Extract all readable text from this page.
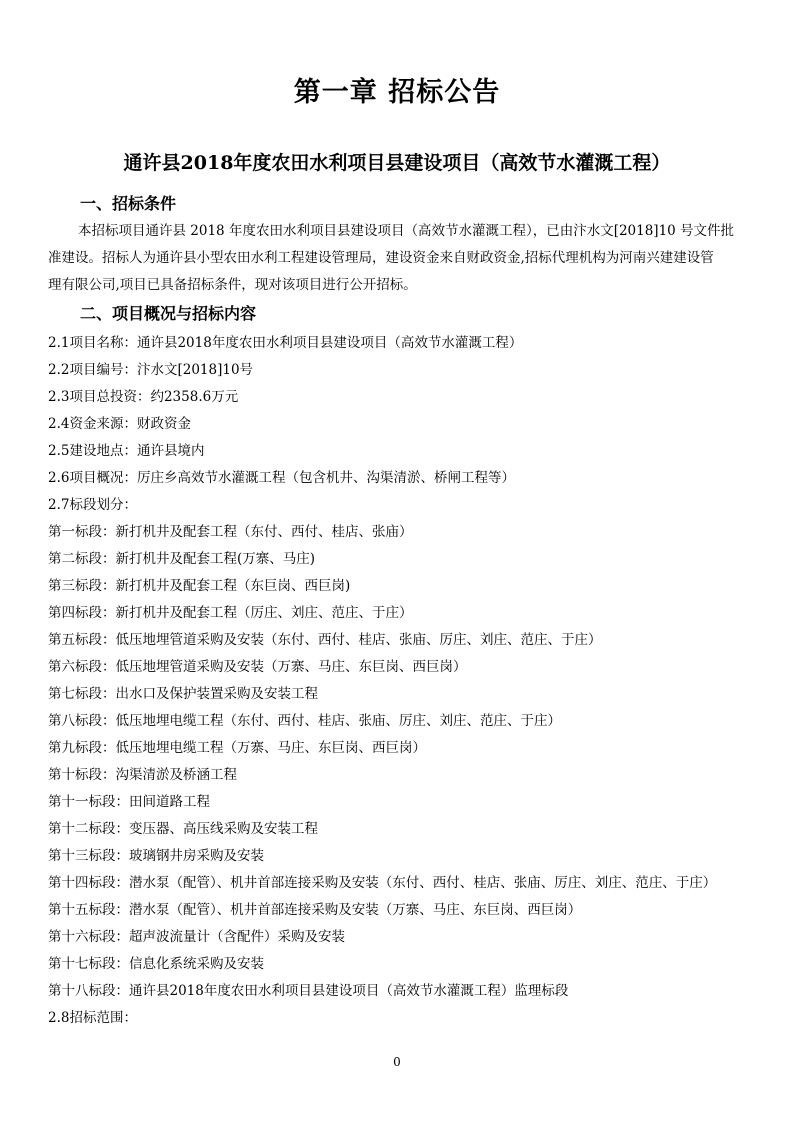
第一章 招标公告
通许县2018年度农田水利项目县建设项目（高效节水灌溉工程）
一、招标条件
本招标项目通许县 2018 年度农田水利项目县建设项目（高效节水灌溉工程），已由汴水文[2018]10 号文件批
准建设。招标人为通许县小型农田水利工程建设管理局，建设资金来自财政资金,招标代理机构为河南兴建建设管
理有限公司,项目已具备招标条件，现对该项目进行公开招标。
二、项目概况与招标内容
2.1项目名称：通许县2018年度农田水利项目县建设项目（高效节水灌溉工程）
2.2项目编号：汴水文[2018]10号
2.3项目总投资：约2358.6万元
2.4资金来源：财政资金
2.5建设地点：通许县境内
2.6项目概况：厉庄乡高效节水灌溉工程（包含机井、沟渠清淤、桥闸工程等）
2.7标段划分：
第一标段：新打机井及配套工程（东付、西付、桂店、张庙）
第二标段：新打机井及配套工程(万寨、马庄)
第三标段：新打机井及配套工程（东巨岗、西巨岗)
第四标段：新打机井及配套工程（厉庄、刘庄、范庄、于庄）
第五标段：低压地埋管道采购及安装（东付、西付、桂店、张庙、厉庄、刘庄、范庄、于庄）
第六标段：低压地埋管道采购及安装（万寨、马庄、东巨岗、西巨岗）
第七标段：出水口及保护装置采购及安装工程
第八标段：低压地埋电缆工程（东付、西付、桂店、张庙、厉庄、刘庄、范庄、于庄）
第九标段：低压地埋电缆工程（万寨、马庄、东巨岗、西巨岗）
第十标段：沟渠清淤及桥涵工程
第十一标段：田间道路工程
第十二标段：变压器、高压线采购及安装工程
第十三标段：玻璃钢井房采购及安装
第十四标段：潜水泵（配管）、机井首部连接采购及安装（东付、西付、桂店、张庙、厉庄、刘庄、范庄、于庄）
第十五标段：潜水泵（配管）、机井首部连接采购及安装（万寨、马庄、东巨岗、西巨岗）
第十六标段：超声波流量计（含配件）采购及安装
第十七标段：信息化系统采购及安装
第十八标段：通许县2018年度农田水利项目县建设项目（高效节水灌溉工程）监理标段
2.8招标范围：
0
